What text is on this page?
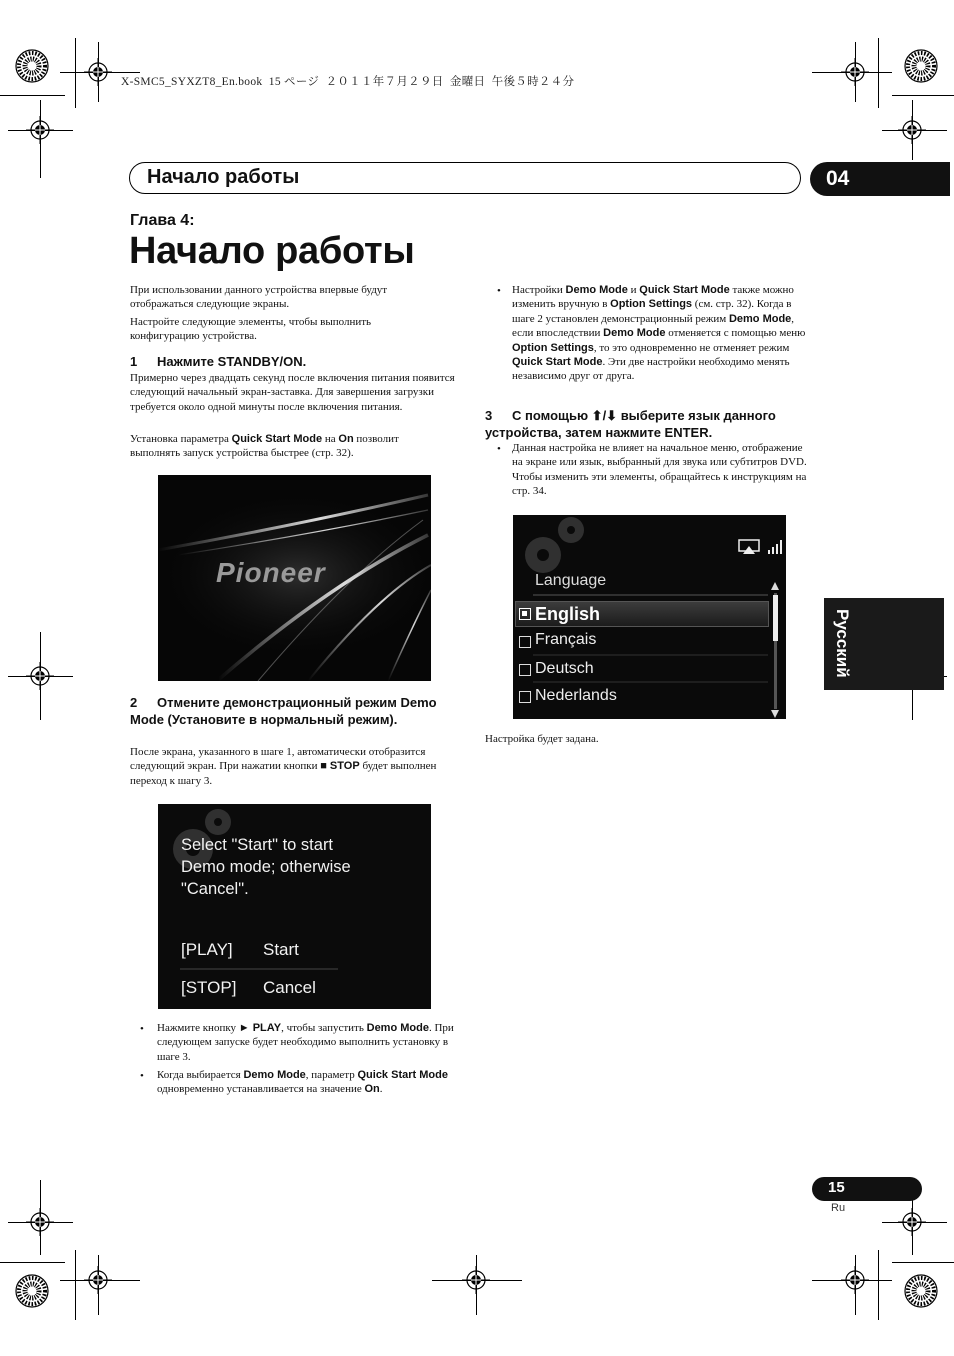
X-SMC5_SYXZT8_En.book  15 ページ  ２０１１年７月２９日  金曜日  午後５時２４分
Начало работы	04
Глава 4:
Начало работы
При использовании данного устройства впервые будут отображаться следующие экраны.
Настройте следующие элементы, чтобы выполнить конфигурацию устройства.
1 Нажмите STANDBY/ON.
Примерно через двадцать секунд после включения питания появится следующий начальный экран-заставка. Для завершения загрузки требуется около одной минуты после включения питания.
Установка параметра Quick Start Mode на On позволит выполнять запуск устройства быстрее (стр. 32).
Pioneer
2	Отмените демонстрационный режим Demo Mode (Установите в нормальный режим).
После экрана, указанного в шаге 1, автоматически отобразится следующий экран. При нажатии кнопки ■ STOP будет выполнен переход к шагу 3.
Select "Start" to start Demo mode; otherwise "Cancel".
[PLAY] Start
[STOP] Cancel
• Нажмите кнопку ► PLAY, чтобы запустить Demo Mode. При следующем запуске будет необходимо выполнить установку в шаге 3.
• Когда выбирается Demo Mode, параметр Quick Start Mode одновременно устанавливается на значение On.
• Настройки Demo Mode и Quick Start Mode также можно изменить вручную в Option Settings (см. стр. 32). Когда в шаге 2 установлен демонстрационный режим Demo Mode, если впоследствии Demo Mode отменяется с помощью меню Option Settings, то это одновременно не отменяет режим Quick Start Mode. Эти две настройки необходимо менять независимо друг от друга.
3	С помощью ⬆/⬇ выберите язык данного устройства, затем нажмите ENTER.
• Данная настройка не влияет на начальное меню, отображение на экране или язык, выбранный для звука или субтитров DVD. Чтобы изменить эти элементы, обращайтесь к инструкциям на стр. 34.
Language
English
Français
Deutsch
Nederlands
Настройка будет задана.
Русский
15
Ru
